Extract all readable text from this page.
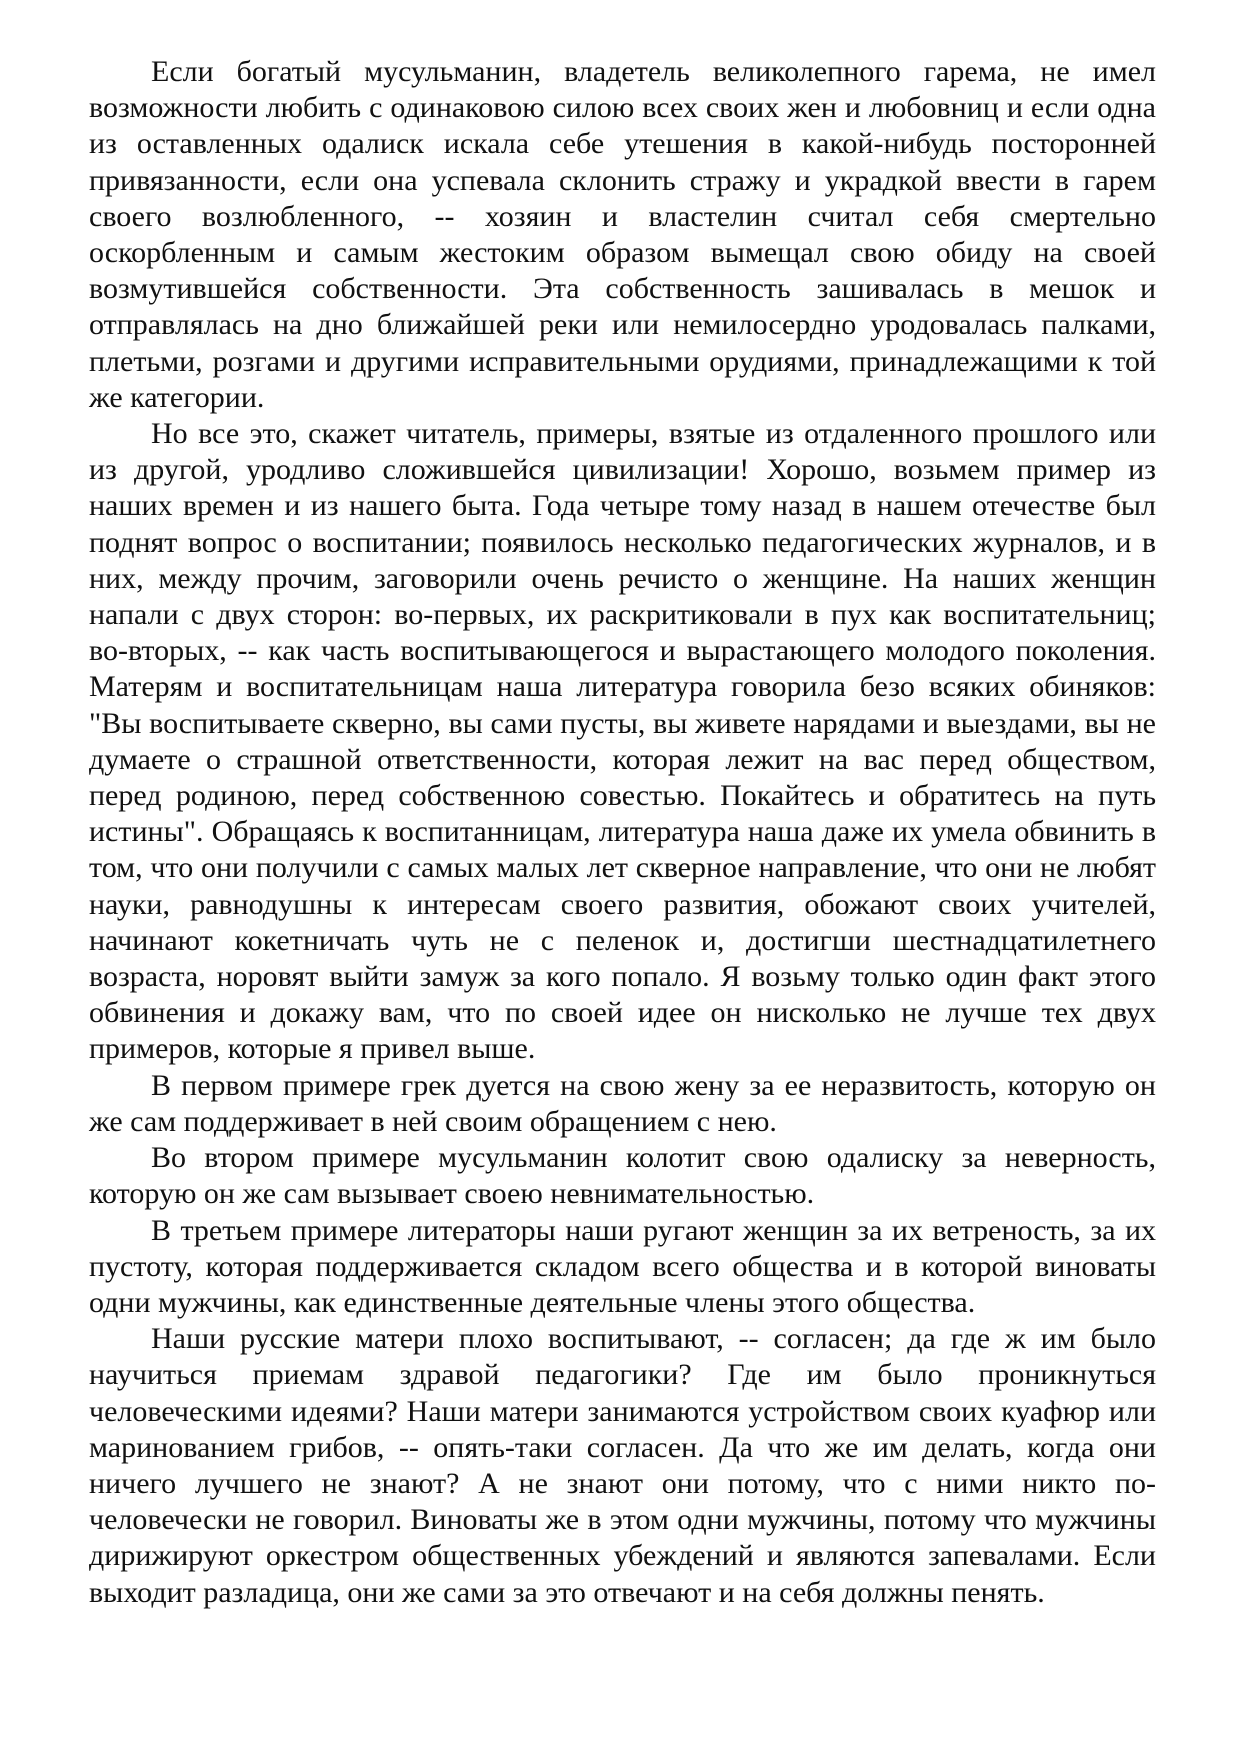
Если богатый мусульманин, владетель великолепного гарема, не имел возможности любить с одинаковою силою всех своих жен и любовниц и если одна из оставленных одалиск искала себе утешения в какой-нибудь посторонней привязанности, если она успевала склонить стражу и украдкой ввести в гарем своего возлюбленного, -- хозяин и властелин считал себя смертельно оскорбленным и самым жестоким образом вымещал свою обиду на своей возмутившейся собственности. Эта собственность зашивалась в мешок и отправлялась на дно ближайшей реки или немилосердно уродовалась палками, плетьми, розгами и другими исправительными орудиями, принадлежащими к той же категории.

Но все это, скажет читатель, примеры, взятые из отдаленного прошлого или из другой, уродливо сложившейся цивилизации! Хорошо, возьмем пример из наших времен и из нашего быта. Года четыре тому назад в нашем отечестве был поднят вопрос о воспитании; появилось несколько педагогических журналов, и в них, между прочим, заговорили очень речисто о женщине. На наших женщин напали с двух сторон: во-первых, их раскритиковали в пух как воспитательниц; во-вторых, -- как часть воспитывающегося и вырастающего молодого поколения. Матерям и воспитательницам наша литература говорила безо всяких обиняков: "Вы воспитываете скверно, вы сами пусты, вы живете нарядами и выездами, вы не думаете о страшной ответственности, которая лежит на вас перед обществом, перед родиною, перед собственною совестью. Покайтесь и обратитесь на путь истины". Обращаясь к воспитанницам, литература наша даже их умела обвинить в том, что они получили с самых малых лет скверное направление, что они не любят науки, равнодушны к интересам своего развития, обожают своих учителей, начинают кокетничать чуть не с пеленок и, достигши шестнадцатилетнего возраста, норовят выйти замуж за кого попало. Я возьму только один факт этого обвинения и докажу вам, что по своей идее он нисколько не лучше тех двух примеров, которые я привел выше.

В первом примере грек дуется на свою жену за ее неразвитость, которую он же сам поддерживает в ней своим обращением с нею.

Во втором примере мусульманин колотит свою одалиску за неверность, которую он же сам вызывает своею невнимательностью.

В третьем примере литераторы наши ругают женщин за их ветреность, за их пустоту, которая поддерживается складом всего общества и в которой виноваты одни мужчины, как единственные деятельные члены этого общества.

Наши русские матери плохо воспитывают, -- согласен; да где ж им было научиться приемам здравой педагогики? Где им было проникнуться человеческими идеями? Наши матери занимаются устройством своих куафюр или маринованием грибов, -- опять-таки согласен. Да что же им делать, когда они ничего лучшего не знают? А не знают они потому, что с ними никто по-человечески не говорил. Виноваты же в этом одни мужчины, потому что мужчины дирижируют оркестром общественных убеждений и являются запевалами. Если выходит разладица, они же сами за это отвечают и на себя должны пенять.
